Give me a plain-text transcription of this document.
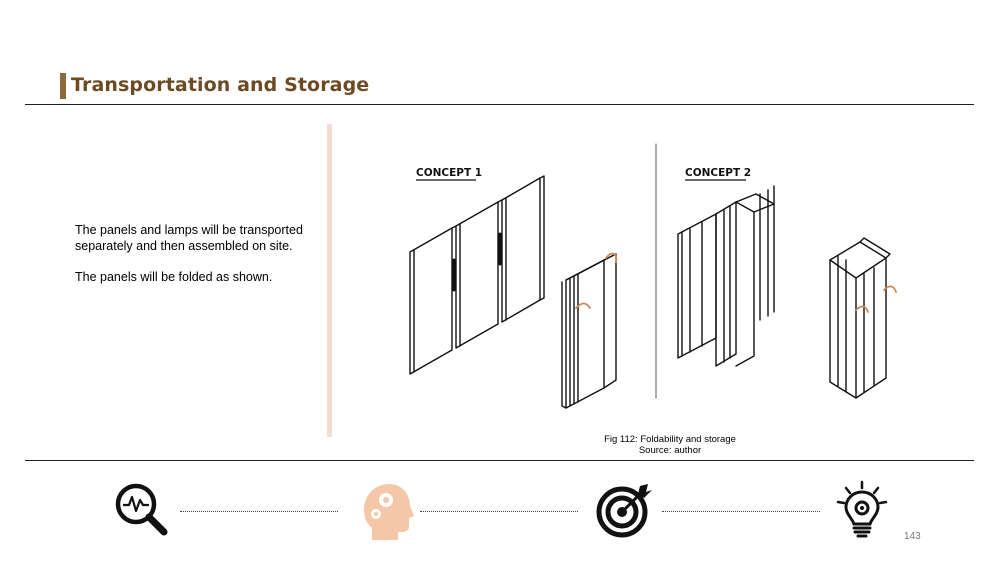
Transportation and Storage

The panels and lamps will be transported separately and then assembled on site.

The panels will be folded as shown.

CONCEPT 1	CONCEPT 2
Fig 112: Foldability and storage
Source: author
143
